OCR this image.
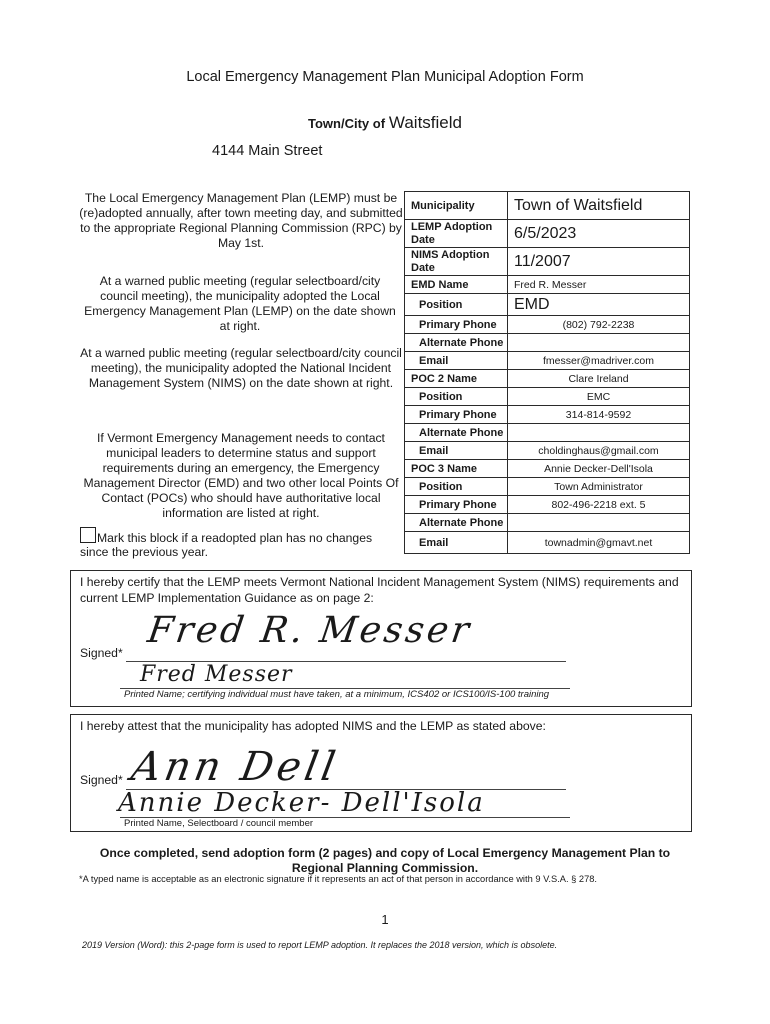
Local Emergency Management Plan Municipal Adoption Form
Town/City of Waitsfield
4144 Main Street
The Local Emergency Management Plan (LEMP) must be (re)adopted annually, after town meeting day, and submitted to the appropriate Regional Planning Commission (RPC) by May 1st.
At a warned public meeting (regular selectboard/city council meeting), the municipality adopted the Local Emergency Management Plan (LEMP) on the date shown at right.
At a warned public meeting (regular selectboard/city council meeting), the municipality adopted the National Incident Management System (NIMS) on the date shown at right.
If Vermont Emergency Management needs to contact municipal leaders to determine status and support requirements during an emergency, the Emergency Management Director (EMD) and two other local Points Of Contact (POCs) who should have authoritative local information are listed at right.
Mark this block if a readopted plan has no changes
since the previous year.
Municipality	Town of Waitsfield
LEMP Adoption Date	6/5/2023
NIMS Adoption Date	11/2007
EMD Name	Fred R. Messer
Position	EMD
Primary Phone	(802) 792-2238
Alternate Phone	
Email	fmesser@madriver.com
POC 2 Name	Clare Ireland
Position	EMC
Primary Phone	314-814-9592
Alternate Phone	
Email	choldinghaus@gmail.com
POC 3 Name	Annie Decker-Dell'Isola
Position	Town Administrator
Primary Phone	802-496-2218 ext. 5
Alternate Phone	
Email	townadmin@gmavt.net
I hereby certify that the LEMP meets Vermont National Incident Management System (NIMS) requirements and current LEMP Implementation Guidance as on page 2:
Signed*
Fred R. Messer
Fred Messer
Printed Name; certifying individual must have taken, at a minimum, ICS402 or ICS100/IS-100 training
I hereby attest that the municipality has adopted NIMS and the LEMP as stated above:
Signed* Ann Dell
Annie Decker- Dell'Isola
Printed Name, Selectboard / council member
Once completed, send adoption form (2 pages) and copy of Local Emergency Management Plan to
Regional Planning Commission.
*A typed name is acceptable as an electronic signature if it represents an act of that person in accordance with 9 V.S.A. § 278.
1
2019 Version (Word): this 2-page form is used to report LEMP adoption. It replaces the 2018 version, which is obsolete.
